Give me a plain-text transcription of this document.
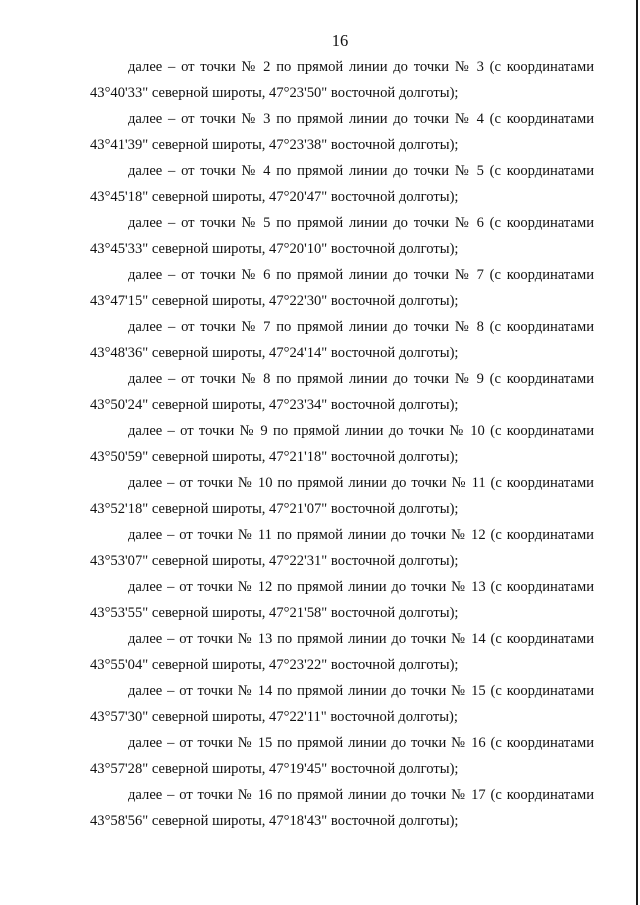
16
далее – от точки № 2 по прямой линии до точки № 3 (с координатами
43°40'33" северной широты, 47°23'50" восточной долготы);
далее – от точки № 3 по прямой линии до точки № 4 (с координатами
43°41'39" северной широты, 47°23'38" восточной долготы);
далее – от точки № 4 по прямой линии до точки № 5 (с координатами
43°45'18" северной широты, 47°20'47" восточной долготы);
далее – от точки № 5 по прямой линии до точки № 6 (с координатами
43°45'33" северной широты, 47°20'10" восточной долготы);
далее – от точки № 6 по прямой линии до точки № 7 (с координатами
43°47'15" северной широты, 47°22'30" восточной долготы);
далее – от точки № 7 по прямой линии до точки № 8 (с координатами
43°48'36" северной широты, 47°24'14" восточной долготы);
далее – от точки № 8 по прямой линии до точки № 9 (с координатами
43°50'24" северной широты, 47°23'34" восточной долготы);
далее – от точки № 9 по прямой линии до точки № 10 (с координатами
43°50'59" северной широты, 47°21'18" восточной долготы);
далее – от точки № 10 по прямой линии до точки № 11 (с координатами
43°52'18" северной широты, 47°21'07" восточной долготы);
далее – от точки № 11 по прямой линии до точки № 12 (с координатами
43°53'07" северной широты, 47°22'31" восточной долготы);
далее – от точки № 12 по прямой линии до точки № 13 (с координатами
43°53'55" северной широты, 47°21'58" восточной долготы);
далее – от точки № 13 по прямой линии до точки № 14 (с координатами
43°55'04" северной широты, 47°23'22" восточной долготы);
далее – от точки № 14 по прямой линии до точки № 15 (с координатами
43°57'30" северной широты, 47°22'11" восточной долготы);
далее – от точки № 15 по прямой линии до точки № 16 (с координатами
43°57'28" северной широты, 47°19'45" восточной долготы);
далее – от точки № 16 по прямой линии до точки № 17 (с координатами
43°58'56" северной широты, 47°18'43" восточной долготы);
